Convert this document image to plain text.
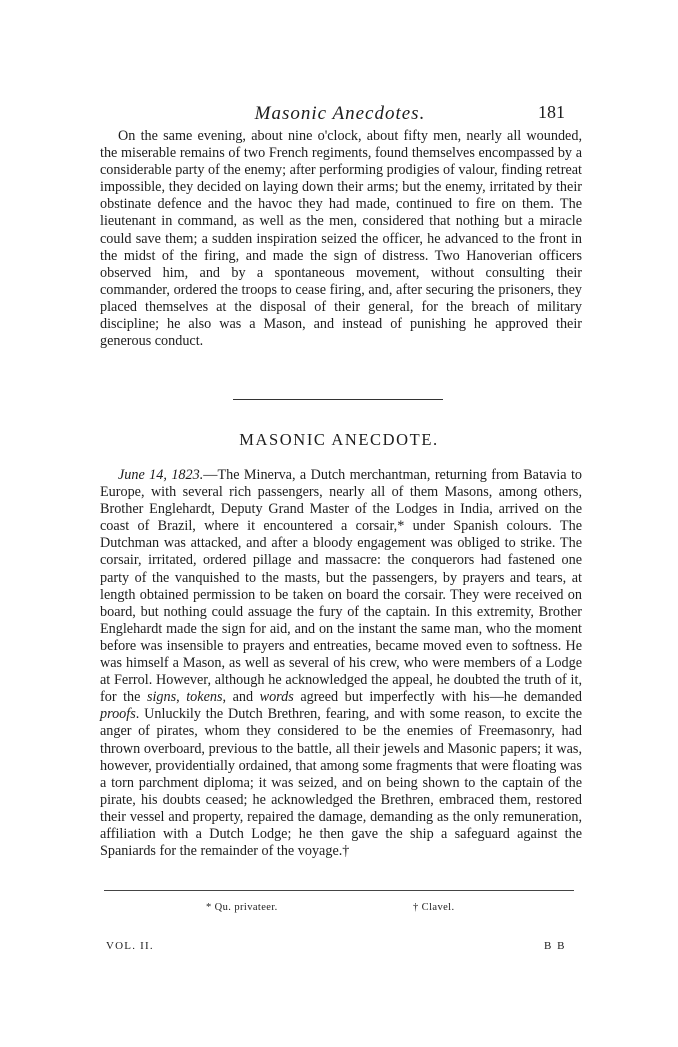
Masonic Anecdotes.	181

On the same evening, about nine o'clock, about fifty men, nearly all wounded, the miserable remains of two French regiments, found themselves encompassed by a considerable party of the enemy; after performing prodigies of valour, finding retreat impossible, they decided on laying down their arms; but the enemy, irritated by their obstinate defence and the havoc they had made, continued to fire on them. The lieutenant in command, as well as the men, considered that nothing but a miracle could save them; a sudden inspiration seized the officer, he advanced to the front in the midst of the firing, and made the sign of distress. Two Hanoverian officers observed him, and by a spontaneous movement, without consulting their commander, ordered the troops to cease firing, and, after securing the prisoners, they placed themselves at the disposal of their general, for the breach of military discipline; he also was a Mason, and instead of punishing he approved their generous conduct.

MASONIC ANECDOTE.

June 14, 1823.—The Minerva, a Dutch merchantman, returning from Batavia to Europe, with several rich passengers, nearly all of them Masons, among others, Brother Englehardt, Deputy Grand Master of the Lodges in India, arrived on the coast of Brazil, where it encountered a corsair,* under Spanish colours. The Dutchman was attacked, and after a bloody engagement was obliged to strike. The corsair, irritated, ordered pillage and massacre: the conquerors had fastened one party of the vanquished to the masts, but the passengers, by prayers and tears, at length obtained permission to be taken on board the corsair. They were received on board, but nothing could assuage the fury of the captain. In this extremity, Brother Englehardt made the sign for aid, and on the instant the same man, who the moment before was insensible to prayers and entreaties, became moved even to softness. He was himself a Mason, as well as several of his crew, who were members of a Lodge at Ferrol. However, although he acknowledged the appeal, he doubted the truth of it, for the signs, tokens, and words agreed but imperfectly with his—he demanded proofs. Unluckily the Dutch Brethren, fearing, and with some reason, to excite the anger of pirates, whom they considered to be the enemies of Freemasonry, had thrown overboard, previous to the battle, all their jewels and Masonic papers; it was, however, providentially ordained, that among some fragments that were floating was a torn parchment diploma; it was seized, and on being shown to the captain of the pirate, his doubts ceased; he acknowledged the Brethren, embraced them, restored their vessel and property, repaired the damage, demanding as the only remuneration, affiliation with a Dutch Lodge; he then gave the ship a safeguard against the Spaniards for the remainder of the voyage.†

* Qu. privateer.	† Clavel.
VOL. II.	B B
